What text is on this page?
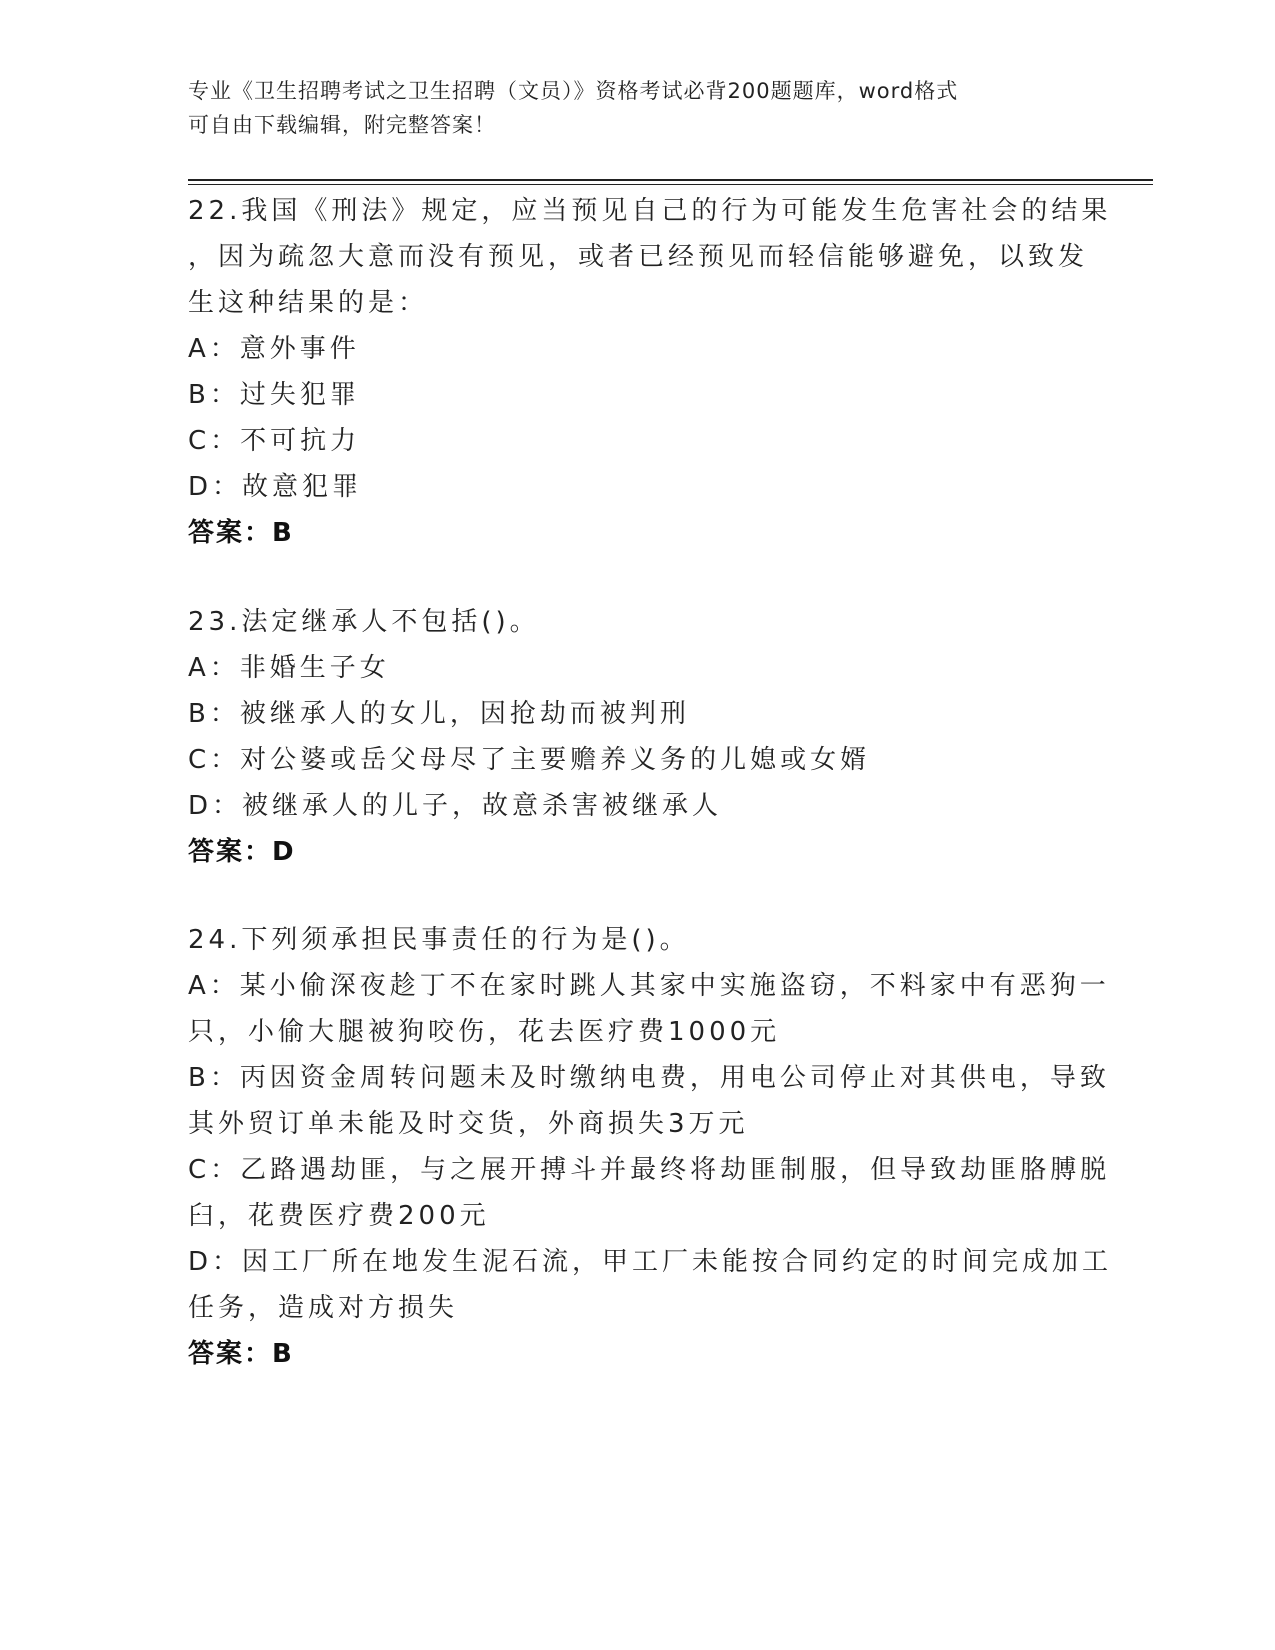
专业《卫生招聘考试之卫生招聘（文员）》资格考试必背200题题库，word格式
可自由下载编辑，附完整答案！
22.我国《刑法》规定，应当预见自己的行为可能发生危害社会的结果
，因为疏忽大意而没有预见，或者已经预见而轻信能够避免，以致发
生这种结果的是：
A：意外事件
B：过失犯罪
C：不可抗力
D：故意犯罪
答案：B
23.法定继承人不包括()。
A：非婚生子女
B：被继承人的女儿，因抢劫而被判刑
C：对公婆或岳父母尽了主要赡养义务的儿媳或女婿
D：被继承人的儿子，故意杀害被继承人
答案：D
24.下列须承担民事责任的行为是()。
A：某小偷深夜趁丁不在家时跳人其家中实施盗窃，不料家中有恶狗一
只，小偷大腿被狗咬伤，花去医疗费1000元
B：丙因资金周转问题未及时缴纳电费，用电公司停止对其供电，导致
其外贸订单未能及时交货，外商损失3万元
C：乙路遇劫匪，与之展开搏斗并最终将劫匪制服，但导致劫匪胳膊脱
臼，花费医疗费200元
D：因工厂所在地发生泥石流，甲工厂未能按合同约定的时间完成加工
任务，造成对方损失
答案：B
